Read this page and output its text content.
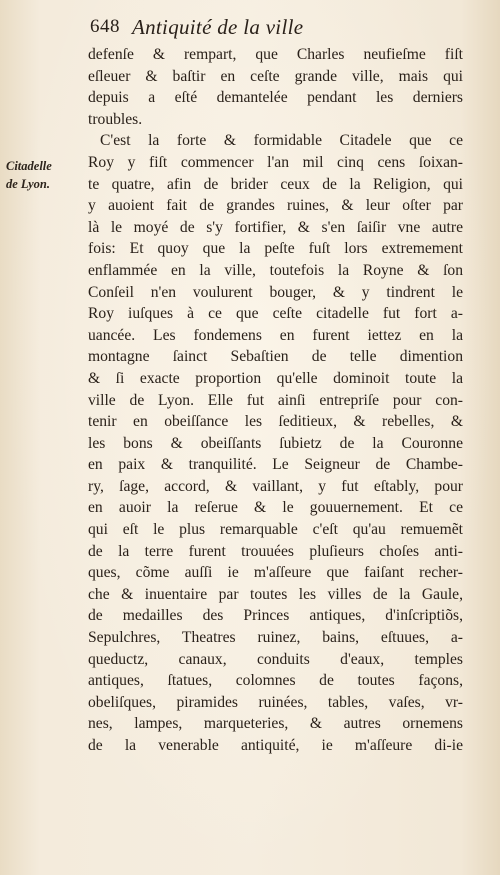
648 Antiquité de la ville
Citadelle
de Lyon.
defenſe & rempart, que Charles neufieſme fiſt
eſleuer & baſtir en ceſte grande ville, mais qui
depuis a eſté demantelée pendant les derniers
troubles.
C'est la forte & formidable Citadele que ce
Roy y fiſt commencer l'an mil cinq cens ſoixan-
te quatre, afin de brider ceux de la Religion, qui
y auoient fait de grandes ruines, & leur oſter par
là le moyé de s'y fortifier, & s'en ſaiſir vne autre
fois: Et quoy que la peſte fuſt lors extremement
enflammée en la ville, toutefois la Royne & ſon
Conſeil n'en voulurent bouger, & y tindrent le
Roy iuſques à ce que ceſte citadelle fut fort a-
uancée. Les fondemens en furent iettez en la
montagne ſainct Sebaſtien de telle dimention
& ſi exacte proportion qu'elle dominoit toute la
ville de Lyon. Elle fut ainſi entrepriſe pour con-
tenir en obeiſſance les ſeditieux, & rebelles, &
les bons & obeiſſants ſubietz de la Couronne
en paix & tranquilité. Le Seigneur de Chambe-
ry, ſage, accord, & vaillant, y fut eſtably, pour
en auoir la reſerue & le gouuernement. Et ce
qui eſt le plus remarquable c'eſt qu'au remuemẽt
de la terre furent trouuées pluſieurs choſes anti-
ques, cõme auſſi ie m'aſſeure que faiſant recher-
che & inuentaire par toutes les villes de la Gaule,
de medailles des Princes antiques, d'inſcriptiõs,
Sepulchres, Theatres ruinez, bains, eſtuues, a-
queductz, canaux, conduits d'eaux, temples
antiques, ſtatues, colomnes de toutes façons,
obeliſques, piramides ruinées, tables, vaſes, vr-
nes, lampes, marqueteries, & autres ornemens
de la venerable antiquité, ie m'aſſeure di-ie
